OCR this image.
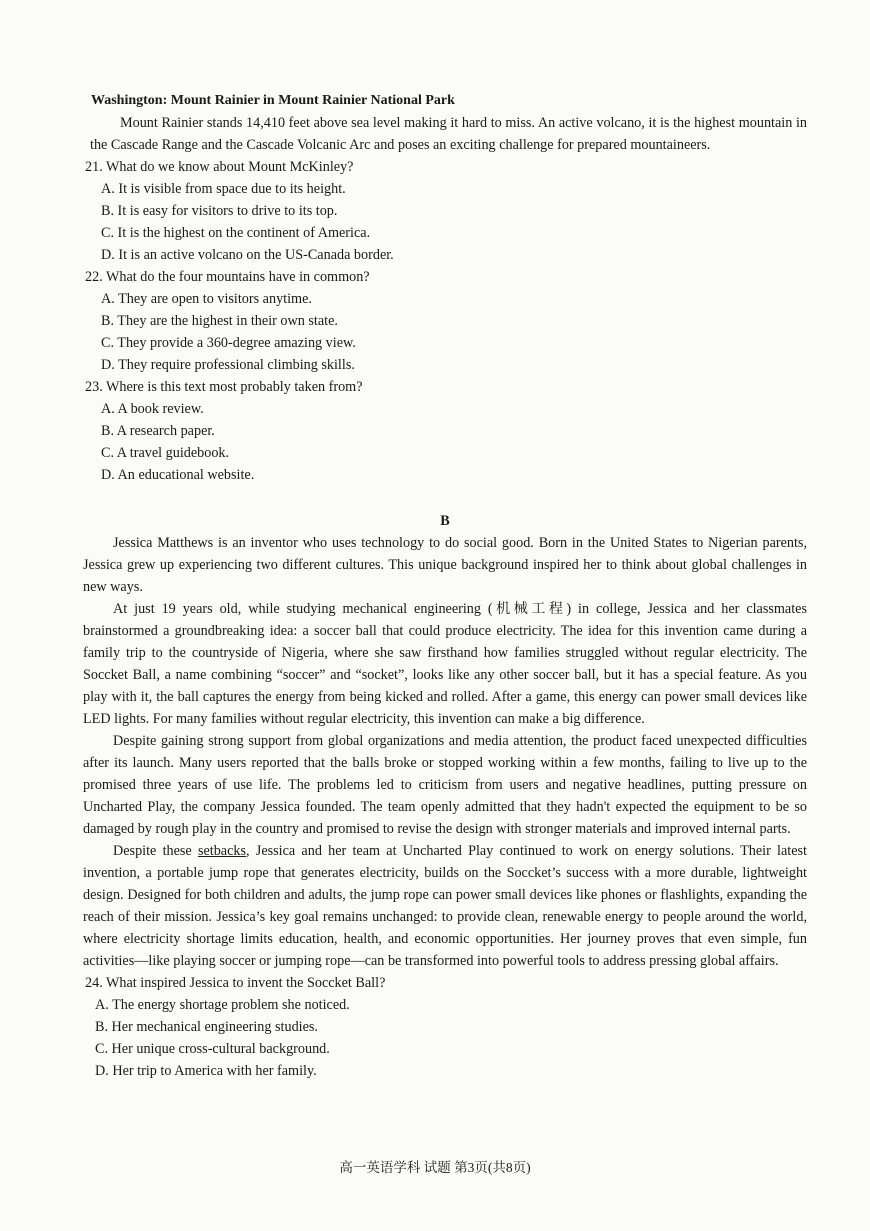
Washington: Mount Rainier in Mount Rainier National Park

Mount Rainier stands 14,410 feet above sea level making it hard to miss. An active volcano, it is the highest mountain in the Cascade Range and the Cascade Volcanic Arc and poses an exciting challenge for prepared mountaineers.

21. What do we know about Mount McKinley?

A. It is visible from space due to its height.

B. It is easy for visitors to drive to its top.

C. It is the highest on the continent of America.

D. It is an active volcano on the US-Canada border.

22. What do the four mountains have in common?

A. They are open to visitors anytime.

B. They are the highest in their own state.

C. They provide a 360-degree amazing view.

D. They require professional climbing skills.

23. Where is this text most probably taken from?

A. A book review.

B. A research paper.

C. A travel guidebook.

D. An educational website.

B

Jessica Matthews is an inventor who uses technology to do social good. Born in the United States to Nigerian parents, Jessica grew up experiencing two different cultures. This unique background inspired her to think about global challenges in new ways.

At just 19 years old, while studying mechanical engineering (机械工程) in college, Jessica and her classmates brainstormed a groundbreaking idea: a soccer ball that could produce electricity. The idea for this invention came during a family trip to the countryside of Nigeria, where she saw firsthand how families struggled without regular electricity. The Soccket Ball, a name combining “soccer” and “socket”, looks like any other soccer ball, but it has a special feature. As you play with it, the ball captures the energy from being kicked and rolled. After a game, this energy can power small devices like LED lights. For many families without regular electricity, this invention can make a big difference.

Despite gaining strong support from global organizations and media attention, the product faced unexpected difficulties after its launch. Many users reported that the balls broke or stopped working within a few months, failing to live up to the promised three years of use life. The problems led to criticism from users and negative headlines, putting pressure on Uncharted Play, the company Jessica founded. The team openly admitted that they hadn't expected the equipment to be so damaged by rough play in the country and promised to revise the design with stronger materials and improved internal parts.

Despite these setbacks, Jessica and her team at Uncharted Play continued to work on energy solutions. Their latest invention, a portable jump rope that generates electricity, builds on the Soccket’s success with a more durable, lightweight design. Designed for both children and adults, the jump rope can power small devices like phones or flashlights, expanding the reach of their mission. Jessica’s key goal remains unchanged: to provide clean, renewable energy to people around the world, where electricity shortage limits education, health, and economic opportunities. Her journey proves that even simple, fun activities—like playing soccer or jumping rope—can be transformed into powerful tools to address pressing global affairs.

24. What inspired Jessica to invent the Soccket Ball?

A. The energy shortage problem she noticed.

B. Her mechanical engineering studies.

C. Her unique cross-cultural background.

D. Her trip to America with her family.

高一英语学科 试题 第3页(共8页)
